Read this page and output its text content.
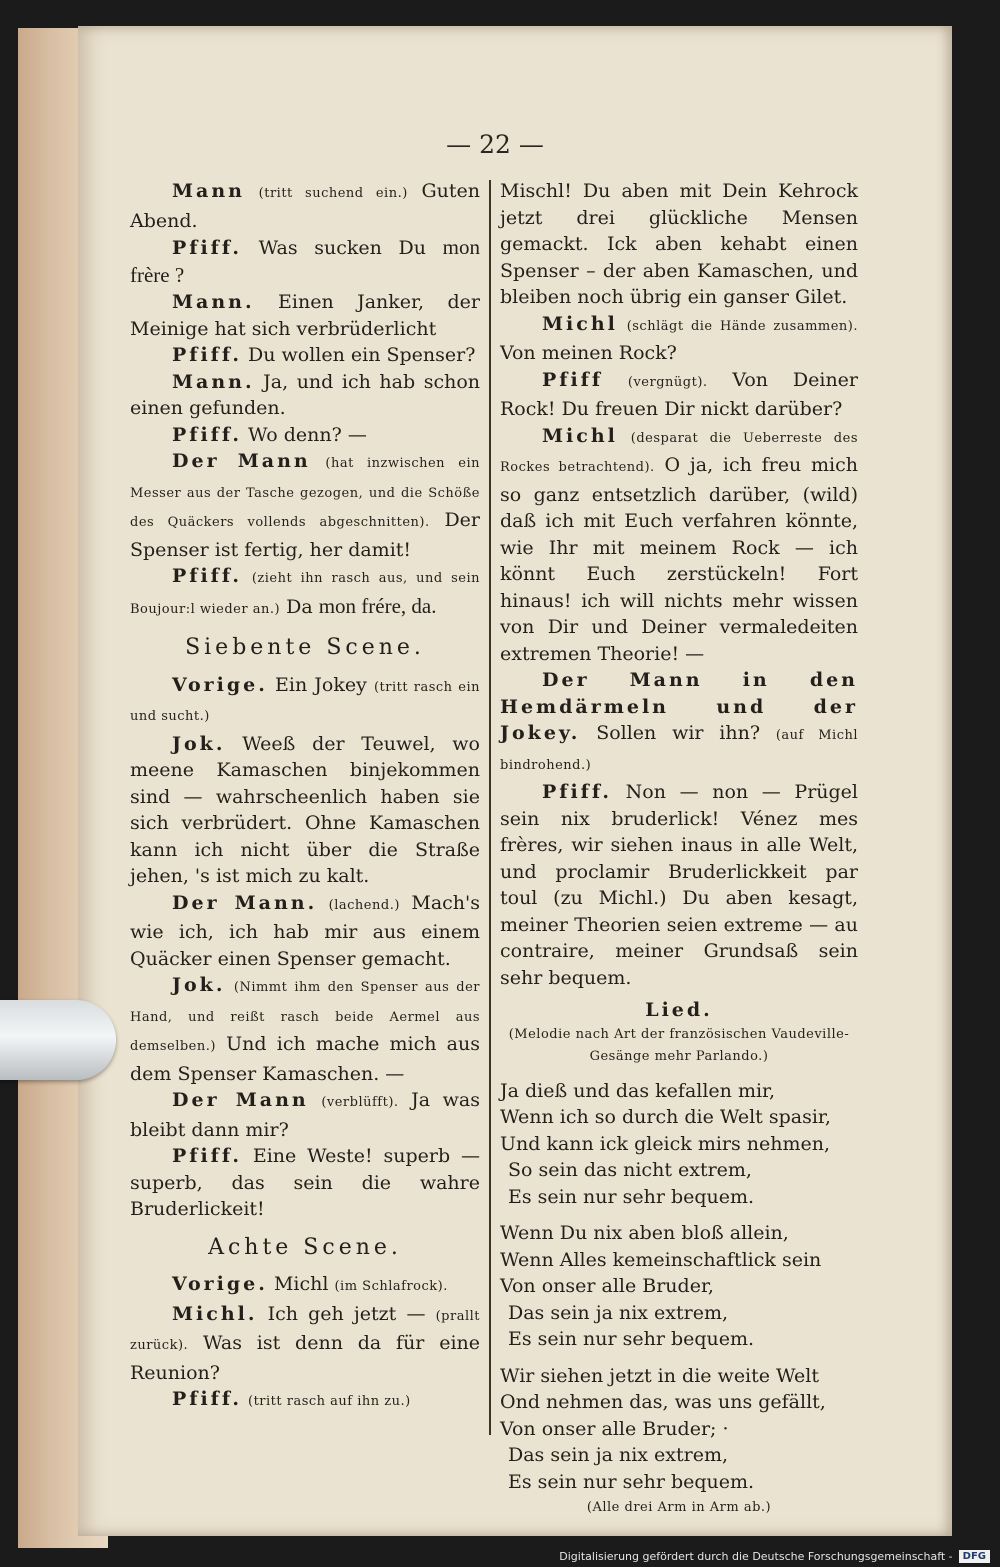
— 22 —

Mann (tritt suchend ein.) Guten Abend.

Pfiff. Was sucken Du mon frère ?

Mann. Einen Janker, der Meinige hat sich verbrüderlicht

Pfiff. Du wollen ein Spenser?

Mann. Ja, und ich hab schon einen gefunden.

Pfiff. Wo denn? —

Der Mann (hat inzwischen ein Messer aus der Tasche gezogen, und die Schöße des Quäckers vollends abgeschnitten). Der Spenser ist fertig, her damit!

Pfiff. (zieht ihn rasch aus, und sein Boujour:l wieder an.) Da mon frére, da.

Siebente Scene.

Vorige. Ein Jokey (tritt rasch ein und sucht.)

Jok. Weeß der Teuwel, wo meene Kamaschen binjekommen sind — wahrscheenlich haben sie sich verbrüdert. Ohne Kamaschen kann ich nicht über die Straße jehen, 's ist mich zu kalt.

Der Mann. (lachend.) Mach's wie ich, ich hab mir aus einem Quäcker einen Spenser gemacht.

Jok. (Nimmt ihm den Spenser aus der Hand, und reißt rasch beide Aermel aus demselben.) Und ich mache mich aus dem Spenser Kamaschen. —

Der Mann (verblüfft). Ja was bleibt dann mir?

Pfiff. Eine Weste! superb — superb, das sein die wahre Bruderlickeit!

Achte Scene.

Vorige. Michl (im Schlafrock).

Michl. Ich geh jetzt — (prallt zurück). Was ist denn da für eine Reunion?

Pfiff. (tritt rasch auf ihn zu.)

Mischl! Du aben mit Dein Kehrock jetzt drei glückliche Mensen gemackt. Ick aben kehabt einen Spenser – der aben Kamaschen, und bleiben noch übrig ein ganser Gilet.

Michl (schlägt die Hände zusammen). Von meinen Rock?

Pfiff (vergnügt). Von Deiner Rock! Du freuen Dir nickt darüber?

Michl (desparat die Ueberreste des Rockes betrachtend). O ja, ich freu mich so ganz entsetzlich darüber, (wild) daß ich mit Euch verfahren könnte, wie Ihr mit meinem Rock — ich könnt Euch zerstückeln! Fort hinaus! ich will nichts mehr wissen von Dir und Deiner vermaledeiten extremen Theorie! —

Der Mann in den Hemdärmeln und der Jokey. Sollen wir ihn? (auf Michl bindrohend.)

Pfiff. Non — non — Prügel sein nix bruderlick! Vénez mes frères, wir siehen inaus in alle Welt, und proclamir Bruderlickkeit par toul (zu Michl.) Du aben kesagt, meiner Theorien seien extreme — au contraire, meiner Grundsaß sein sehr bequem.

Lied.

(Melodie nach Art der französischen Vaudeville-Gesänge mehr Parlando.)

Ja dieß und das kefallen mir,
Wenn ich so durch die Welt spasir,
Und kann ick gleick mirs nehmen,
So sein das nicht extrem,
Es sein nur sehr bequem.
Wenn Du nix aben bloß allein,
Wenn Alles kemeinschaftlick sein
Von onser alle Bruder,
Das sein ja nix extrem,
Es sein nur sehr bequem.
Wir siehen jetzt in die weite Welt
Ond nehmen das, was uns gefällt,
Von onser alle Bruder; ·
Das sein ja nix extrem,
Es sein nur sehr bequem.

(Alle drei Arm in Arm ab.)

Digitalisierung gefördert durch die Deutsche Forschungsgemeinschaft -	DFG
